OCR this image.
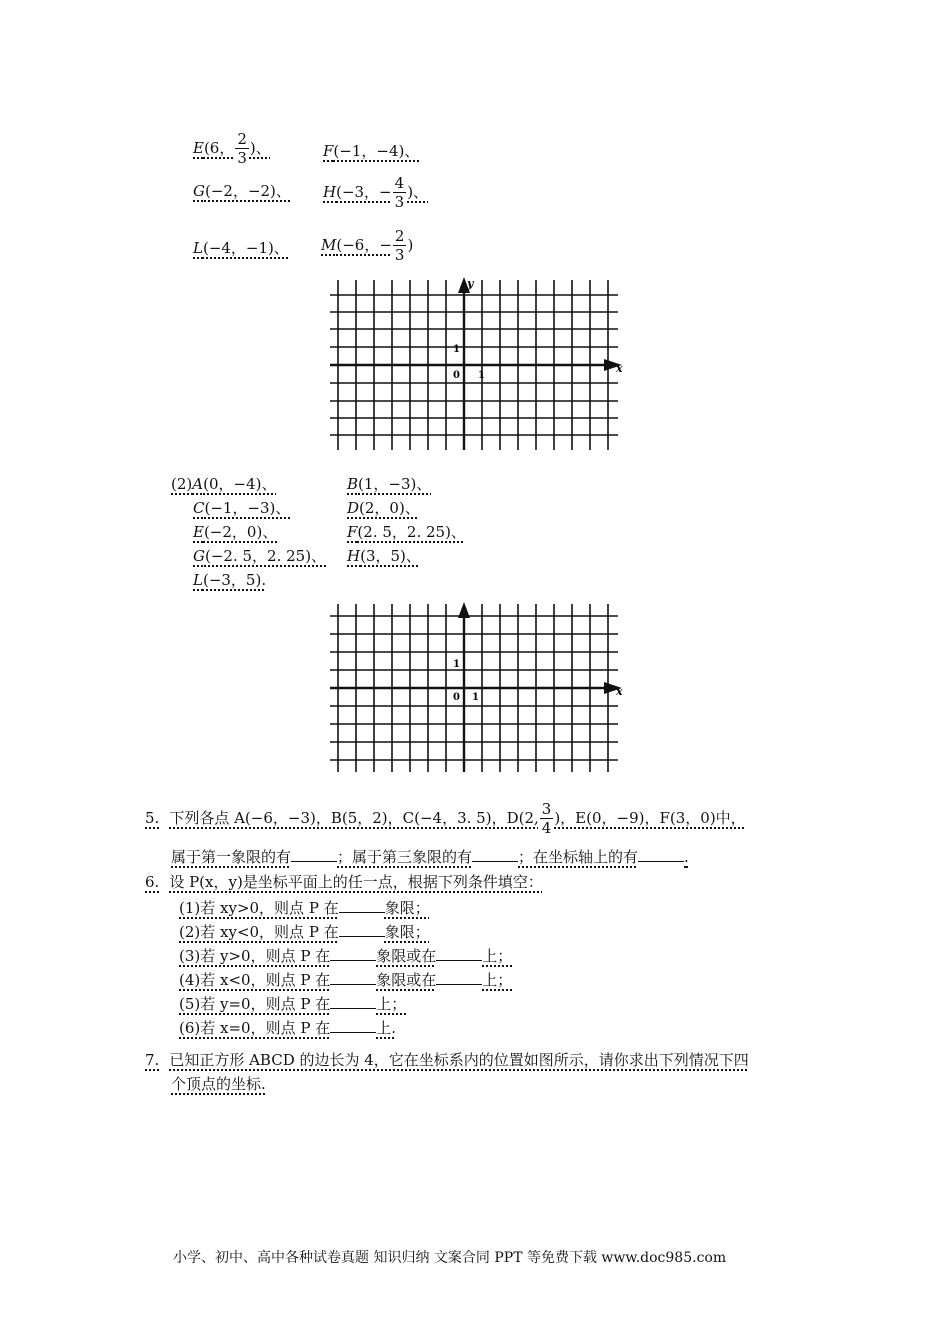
E(6， $\frac{2}{3}$ )、	F(−1，−4)、
G(−2，−2)、 H(−3，− $\frac{4}{3}$ )、
L(−4，−1)、 M(−6，− $\frac{2}{3}$ )
x
y
1
0 1
(2)A(0，−4)、	B(1，−3)、
C(−1，−3)、	D(2，0)、
E(−2，0)、	F(2. 5，2. 25)、
G(−2. 5，2. 25)、 H(3，5)、
L(−3，5).
x
1
0 1
5. 下列各点 A(−6，−3)，B(5，2)，C(−4，3. 5)，D(2, $\frac{3}{4}$ )，E(0，−9)，F(3，0)中，
属于第一象限的有	；属于第三象限的有	；在坐标轴上的有	.
6. 设 P(x，y)是坐标平面上的任一点，根据下列条件填空：
(1)若 xy>0，则点 P 在	象限；
(2)若 xy<0，则点 P 在	象限；
(3)若 y>0，则点 P 在	象限或在	上；
(4)若 x<0，则点 P 在	象限或在	上；
(5)若 y=0，则点 P 在	上；
(6)若 x=0，则点 P 在	上.
7. 已知正方形 ABCD 的边长为 4，它在坐标系内的位置如图所示，请你求出下列情况下四
个顶点的坐标.
小学、初中、高中各种试卷真题 知识归纳 文案合同 PPT 等免费下载 www.doc985.com
